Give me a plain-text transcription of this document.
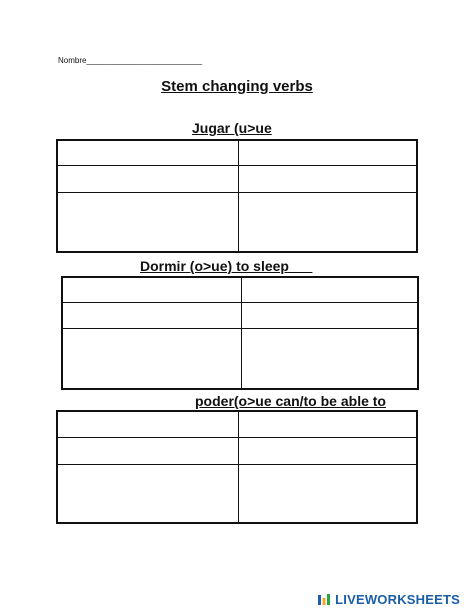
Nombre__________________________
Stem changing verbs
Jugar (u>ue
Dormir (o>ue) to sleep___
poder(o>ue can/to be able to
LIVEWORKSHEETS
